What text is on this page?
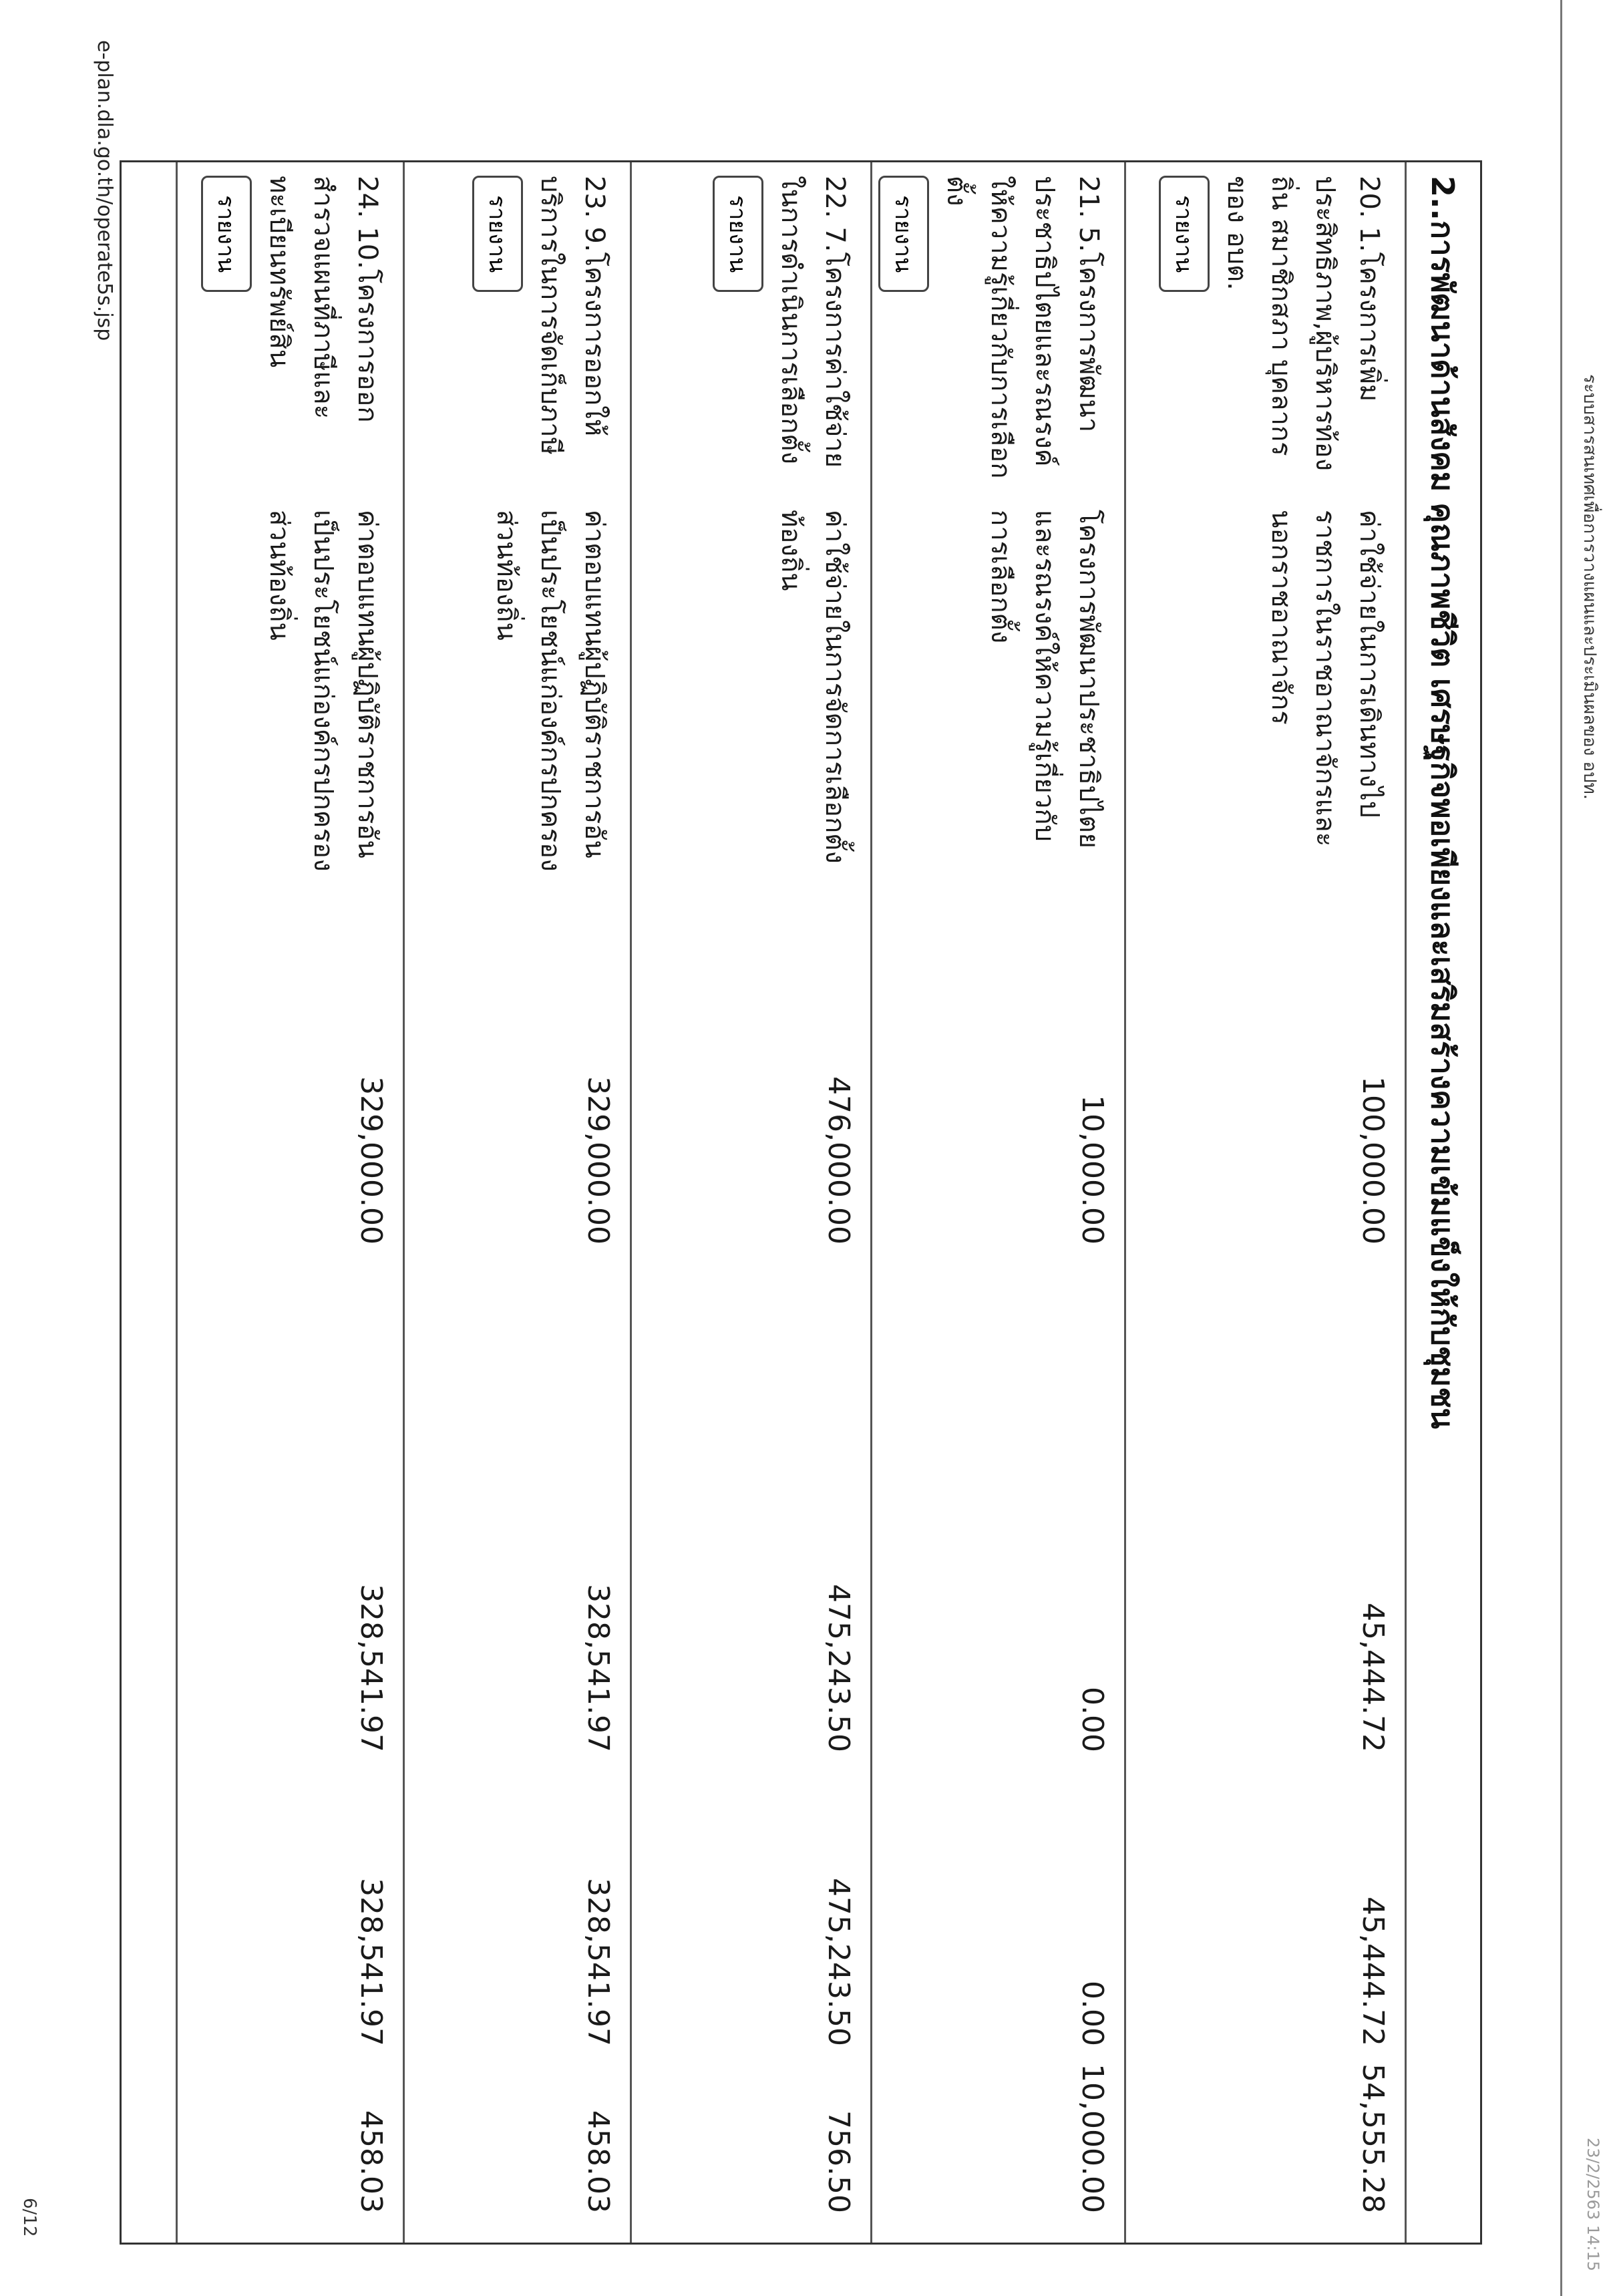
ระบบสารสนเทศเพื่อการวางแผนและประเมินผลของ อปท.
23/2/2563 14:15
2..การพัฒนาด้านสังคม คุณภาพชีวิต เศรษฐกิจพอเพียงและเสริมสร้างความเข้มแข็งให้กับชุมชน
20. 1.โครงการเพิ่มประสิทธิภาพ,ผู้บริหารท้องถิ่น สมาชิกสภา บุคลากรของ อบต.
รายงาน
ค่าใช้จ่ายในการเดินทางไปราชการในราชอาณาจักรและนอกราชอาณาจักร
100,000.00
45,444.72
45,444.72
54,555.28
21. 5.โครงการพัฒนาประชาธิปไตยและรณรงค์ให้ความรู้เกี่ยวกับการเลือกตั้ง
รายงาน
โครงการพัฒนาประชาธิปไตยและรณรงค์ให้ความรู้เกี่ยวกับการเลือกตั้ง
10,000.00
0.00
0.00
10,000.00
22. 7.โครงการค่าใช้จ่ายในการดำเนินการเลือกตั้ง
รายงาน
ค่าใช้จ่ายในการจัดการเลือกตั้งท้องถิ่น
476,000.00
475,243.50
475,243.50
756.50
23. 9.โครงการออกให้บริการในการจัดเก็บภาษี
รายงาน
ค่าตอบแทนผู้ปฏิบัติราชการอันเป็นประโยชน์แก่องค์กรปกครองส่วนท้องถิ่น
329,000.00
328,541.97
328,541.97
458.03
24. 10.โครงการออกสำรวจแผนที่ภาษีและทะเบียนทรัพย์สิน
รายงาน
ค่าตอบแทนผู้ปฏิบัติราชการอันเป็นประโยชน์แก่องค์กรปกครองส่วนท้องถิ่น
329,000.00
328,541.97
328,541.97
458.03
e-plan.dla.go.th/operate5s.jsp
6/12
